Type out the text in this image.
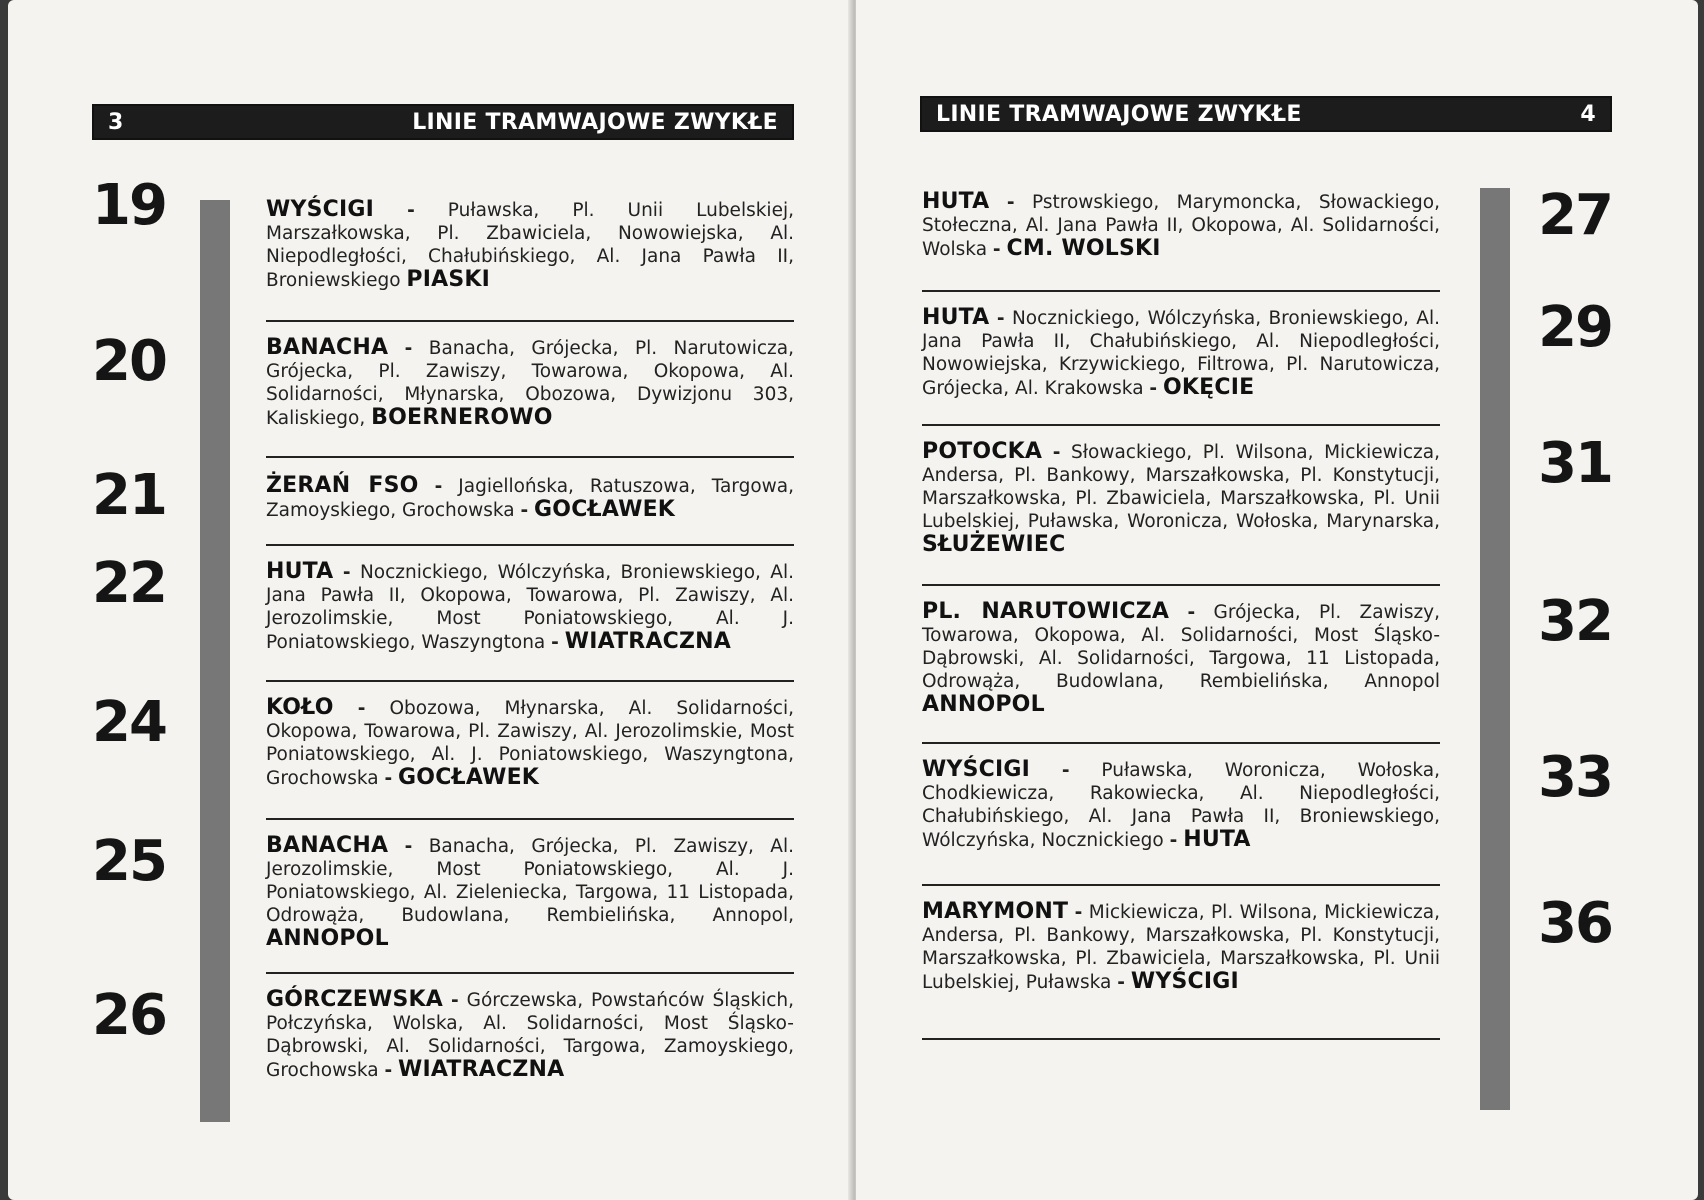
3	LINIE TRAMWAJOWE ZWYKŁE
19
20
21
22
24
25
26
WYŚCIGI - Puławska, Pl. Unii Lubelskiej, Marszałkowska, Pl. Zbawiciela, Nowowiejska, Al. Niepodległości, Chałubińskiego, Al. Jana Pawła II, Broniewskiego PIASKI
BANACHA - Banacha, Grójecka, Pl. Narutowicza, Grójecka, Pl. Zawiszy, Towarowa, Okopowa, Al. Solidarności, Młynarska, Obozowa, Dywizjonu 303, Kaliskiego, BOERNEROWO
ŻERAŃ FSO - Jagiellońska, Ratuszowa, Targowa, Zamoyskiego, Grochowska - GOCŁAWEK
HUTA - Nocznickiego, Wólczyńska, Broniewskiego, Al. Jana Pawła II, Okopowa, Towarowa, Pl. Zawiszy, Al. Jerozolimskie, Most Poniatowskiego, Al. J. Poniatowskiego, Waszyngtona - WIATRACZNA
KOŁO - Obozowa, Młynarska, Al. Solidarności, Okopowa, Towarowa, Pl. Zawiszy, Al. Jerozolimskie, Most Poniatowskiego, Al. J. Poniatowskiego, Waszyngtona, Grochowska - GOCŁAWEK
BANACHA - Banacha, Grójecka, Pl. Zawiszy, Al. Jerozolimskie, Most Poniatowskiego, Al. J. Poniatowskiego, Al. Zieleniecka, Targowa, 11 Listopada, Odrowąża, Budowlana, Rembielińska, Annopol, ANNOPOL
GÓRCZEWSKA - Górczewska, Powstańców Śląskich, Połczyńska, Wolska, Al. Solidarności, Most Śląsko-Dąbrowski, Al. Solidarności, Targowa, Zamoyskiego, Grochowska - WIATRACZNA
LINIE TRAMWAJOWE ZWYKŁE	4
27
29
31
32
33
36
HUTA - Pstrowskiego, Marymoncka, Słowackiego, Stołeczna, Al. Jana Pawła II, Okopowa, Al. Solidarności, Wolska - CM. WOLSKI
HUTA - Nocznickiego, Wólczyńska, Broniewskiego, Al. Jana Pawła II, Chałubińskiego, Al. Niepodległości, Nowowiejska, Krzywickiego, Filtrowa, Pl. Narutowicza, Grójecka, Al. Krakowska - OKĘCIE
POTOCKA - Słowackiego, Pl. Wilsona, Mickiewicza, Andersa, Pl. Bankowy, Marszałkowska, Pl. Konstytucji, Marszałkowska, Pl. Zbawiciela, Marszałkowska, Pl. Unii Lubelskiej, Puławska, Woronicza, Wołoska, Marynarska, SŁUŻEWIEC
PL. NARUTOWICZA - Grójecka, Pl. Zawiszy, Towarowa, Okopowa, Al. Solidarności, Most Śląsko-Dąbrowski, Al. Solidarności, Targowa, 11 Listopada, Odrowąża, Budowlana, Rembielińska, Annopol ANNOPOL
WYŚCIGI - Puławska, Woronicza, Wołoska, Chodkiewicza, Rakowiecka, Al. Niepodległości, Chałubińskiego, Al. Jana Pawła II, Broniewskiego, Wólczyńska, Nocznickiego - HUTA
MARYMONT - Mickiewicza, Pl. Wilsona, Mickiewicza, Andersa, Pl. Bankowy, Marszałkowska, Pl. Konstytucji, Marszałkowska, Pl. Zbawiciela, Marszałkowska, Pl. Unii Lubelskiej, Puławska - WYŚCIGI
